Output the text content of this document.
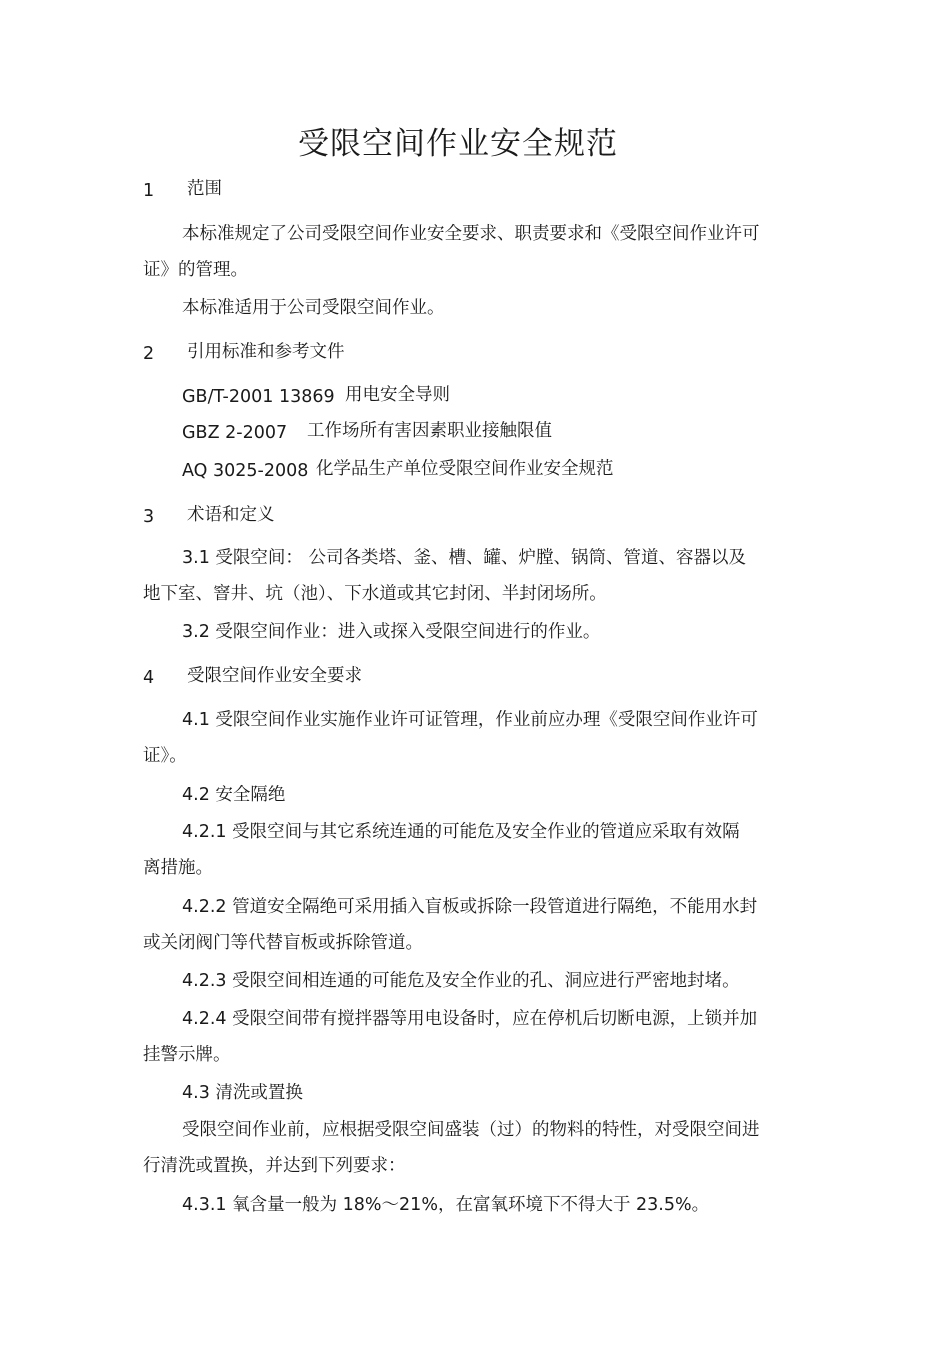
受限空间作业安全规范
1 范围
本标准规定了公司受限空间作业安全要求、职责要求和《受限空间作业许可
证》的管理。
本标准适用于公司受限空间作业。
2 引用标准和参考文件
GB/T-2001 13869 用电安全导则
GBZ 2-2007 工作场所有害因素职业接触限值
AQ 3025-2008 化学品生产单位受限空间作业安全规范
3 术语和定义
3.1 受限空间： 公司各类塔、釜、槽、罐、炉膛、锅筒、管道、容器以及
地下室、窨井、坑（池）、下水道或其它封闭、半封闭场所。
3.2 受限空间作业：进入或探入受限空间进行的作业。
4 受限空间作业安全要求
4.1 受限空间作业实施作业许可证管理，作业前应办理《受限空间作业许可
证》。
4.2 安全隔绝
4.2.1 受限空间与其它系统连通的可能危及安全作业的管道应采取有效隔
离措施。
4.2.2 管道安全隔绝可采用插入盲板或拆除一段管道进行隔绝，不能用水封
或关闭阀门等代替盲板或拆除管道。
4.2.3 受限空间相连通的可能危及安全作业的孔、洞应进行严密地封堵。
4.2.4 受限空间带有搅拌器等用电设备时，应在停机后切断电源，上锁并加
挂警示牌。
4.3 清洗或置换
受限空间作业前，应根据受限空间盛装（过）的物料的特性，对受限空间进
行清洗或置换，并达到下列要求：
4.3.1 氧含量一般为 18%～21%，在富氧环境下不得大于 23.5%。
